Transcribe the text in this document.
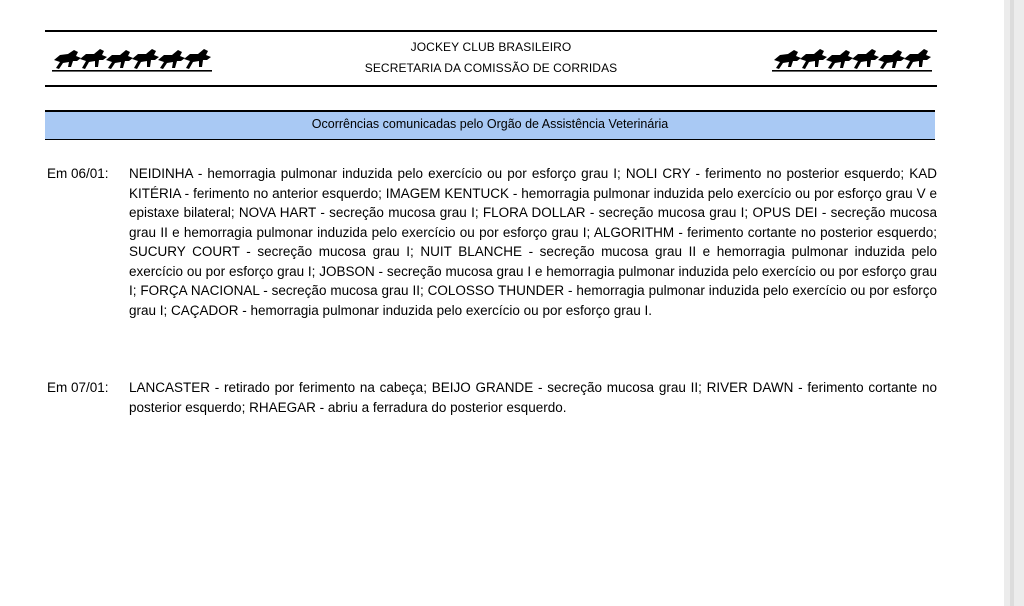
JOCKEY CLUB BRASILEIRO
SECRETARIA DA COMISSÃO DE CORRIDAS
Ocorrências comunicadas pelo Orgão de Assistência Veterinária
Em 06/01: NEIDINHA - hemorragia pulmonar induzida pelo exercício ou por esforço grau I; NOLI CRY - ferimento no posterior esquerdo; KAD KITÉRIA - ferimento no anterior esquerdo; IMAGEM KENTUCK - hemorragia pulmonar induzida pelo exercício ou por esforço grau V e epistaxe bilateral; NOVA HART - secreção mucosa grau I; FLORA DOLLAR - secreção mucosa grau I; OPUS DEI - secreção mucosa grau II e hemorragia pulmonar induzida pelo exercício ou por esforço grau I; ALGORITHM - ferimento cortante no posterior esquerdo; SUCURY COURT - secreção mucosa grau I; NUIT BLANCHE - secreção mucosa grau II e hemorragia pulmonar induzida pelo exercício ou por esforço grau I; JOBSON - secreção mucosa grau I e hemorragia pulmonar induzida pelo exercício ou por esforço grau I; FORÇA NACIONAL - secreção mucosa grau II; COLOSSO THUNDER - hemorragia pulmonar induzida pelo exercício ou por esforço grau I; CAÇADOR - hemorragia pulmonar induzida pelo exercício ou por esforço grau I.
Em 07/01: LANCASTER - retirado por ferimento na cabeça; BEIJO GRANDE - secreção mucosa grau II; RIVER DAWN - ferimento cortante no posterior esquerdo; RHAEGAR - abriu a ferradura do posterior esquerdo.
